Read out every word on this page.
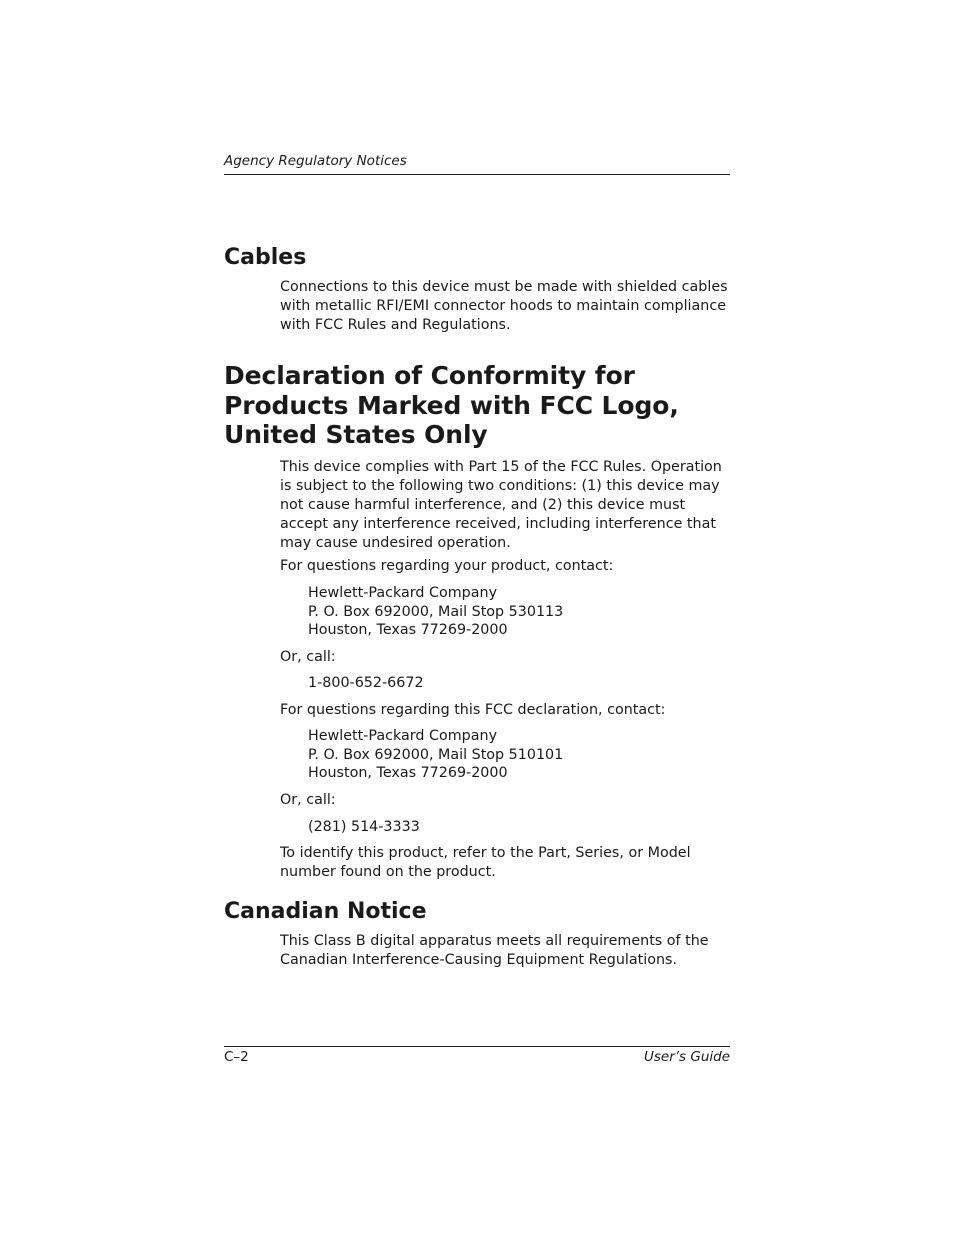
Agency Regulatory Notices
Cables

Connections to this device must be made with shielded cables with metallic RFI/EMI connector hoods to maintain compliance with FCC Rules and Regulations.

Declaration of Conformity for
Products Marked with FCC Logo,
United States Only

This device complies with Part 15 of the FCC Rules. Operation is subject to the following two conditions: (1) this device may not cause harmful interference, and (2) this device must accept any interference received, including interference that may cause undesired operation.

For questions regarding your product, contact:

Hewlett-Packard Company
P. O. Box 692000, Mail Stop 530113
Houston, Texas 77269-2000

Or, call:

1-800-652-6672

For questions regarding this FCC declaration, contact:

Hewlett-Packard Company
P. O. Box 692000, Mail Stop 510101
Houston, Texas 77269-2000

Or, call:

(281) 514-3333

To identify this product, refer to the Part, Series, or Model number found on the product.

Canadian Notice

This Class B digital apparatus meets all requirements of the Canadian Interference-Causing Equipment Regulations.

C–2	User’s Guide
